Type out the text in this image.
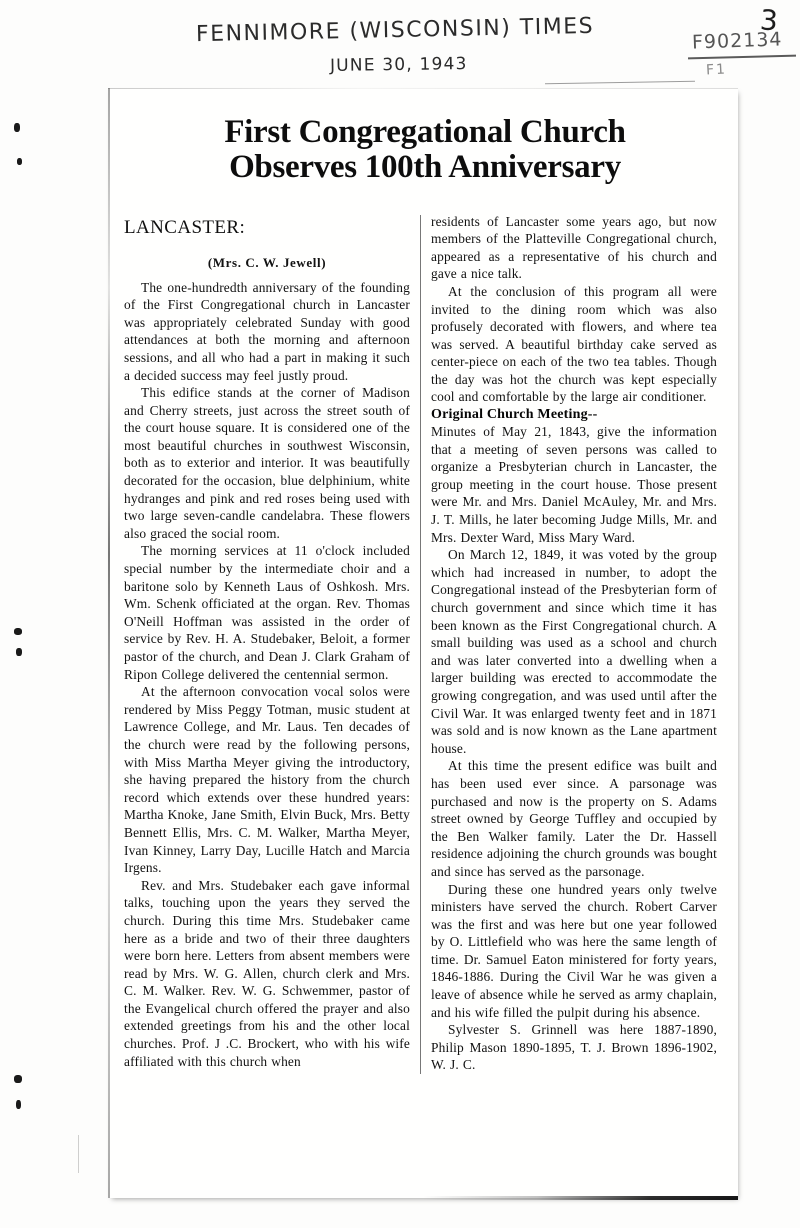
FENNIMORE (WISCONSIN) TIMES
JUNE 30, 1943
3
F902134
F1
First Congregational Church
Observes 100th Anniversary
LANCASTER:
(Mrs. C. W. Jewell)

The one-hundredth anniversary of the founding of the First Congregational church in Lancaster was appropriately celebrated Sunday with good attendances at both the morning and afternoon sessions, and all who had a part in making it such a decided success may feel justly proud.

This edifice stands at the corner of Madison and Cherry streets, just across the street south of the court house square. It is considered one of the most beautiful churches in southwest Wisconsin, both as to exterior and interior. It was beautifully decorated for the occasion, blue delphinium, white hydranges and pink and red roses being used with two large seven-candle candelabra. These flowers also graced the social room.

The morning services at 11 o'clock included special number by the intermediate choir and a baritone solo by Kenneth Laus of Oshkosh. Mrs. Wm. Schenk officiated at the organ. Rev. Thomas O'Neill Hoffman was assisted in the order of service by Rev. H. A. Studebaker, Beloit, a former pastor of the church, and Dean J. Clark Graham of Ripon College delivered the centennial sermon.

At the afternoon convocation vocal solos were rendered by Miss Peggy Totman, music student at Lawrence College, and Mr. Laus. Ten decades of the church were read by the following persons, with Miss Martha Meyer giving the introductory, she having prepared the history from the church record which extends over these hundred years: Martha Knoke, Jane Smith, Elvin Buck, Mrs. Betty Bennett Ellis, Mrs. C. M. Walker, Martha Meyer, Ivan Kinney, Larry Day, Lucille Hatch and Marcia Irgens.

Rev. and Mrs. Studebaker each gave informal talks, touching upon the years they served the church. During this time Mrs. Studebaker came here as a bride and two of their three daughters were born here. Letters from absent members were read by Mrs. W. G. Allen, church clerk and Mrs. C. M. Walker. Rev. W. G. Schwemmer, pastor of the Evangelical church offered the prayer and also extended greetings from his and the other local churches. Prof. J .C. Brockert, who with his wife affiliated with this church when

residents of Lancaster some years ago, but now members of the Platteville Congregational church, appeared as a representative of his church and gave a nice talk.

At the conclusion of this program all were invited to the dining room which was also profusely decorated with flowers, and where tea was served. A beautiful birthday cake served as center-piece on each of the two tea tables. Though the day was hot the church was kept especially cool and comfortable by the large air conditioner.

Original Church Meeting--

Minutes of May 21, 1843, give the information that a meeting of seven persons was called to organize a Presbyterian church in Lancaster, the group meeting in the court house. Those present were Mr. and Mrs. Daniel McAuley, Mr. and Mrs. J. T. Mills, he later becoming Judge Mills, Mr. and Mrs. Dexter Ward, Miss Mary Ward.

On March 12, 1849, it was voted by the group which had increased in number, to adopt the Congregational instead of the Presbyterian form of church government and since which time it has been known as the First Congregational church. A small building was used as a school and church and was later converted into a dwelling when a larger building was erected to accommodate the growing congregation, and was used until after the Civil War. It was enlarged twenty feet and in 1871 was sold and is now known as the Lane apartment house.

At this time the present edifice was built and has been used ever since. A parsonage was purchased and now is the property on S. Adams street owned by George Tuffley and occupied by the Ben Walker family. Later the Dr. Hassell residence adjoining the church grounds was bought and since has served as the parsonage.

During these one hundred years only twelve ministers have served the church. Robert Carver was the first and was here but one year followed by O. Littlefield who was here the same length of time. Dr. Samuel Eaton ministered for forty years, 1846-1886. During the Civil War he was given a leave of absence while he served as army chaplain, and his wife filled the pulpit during his absence.

Sylvester S. Grinnell was here 1887-1890, Philip Mason 1890-1895, T. J. Brown 1896-1902, W. J. C.
